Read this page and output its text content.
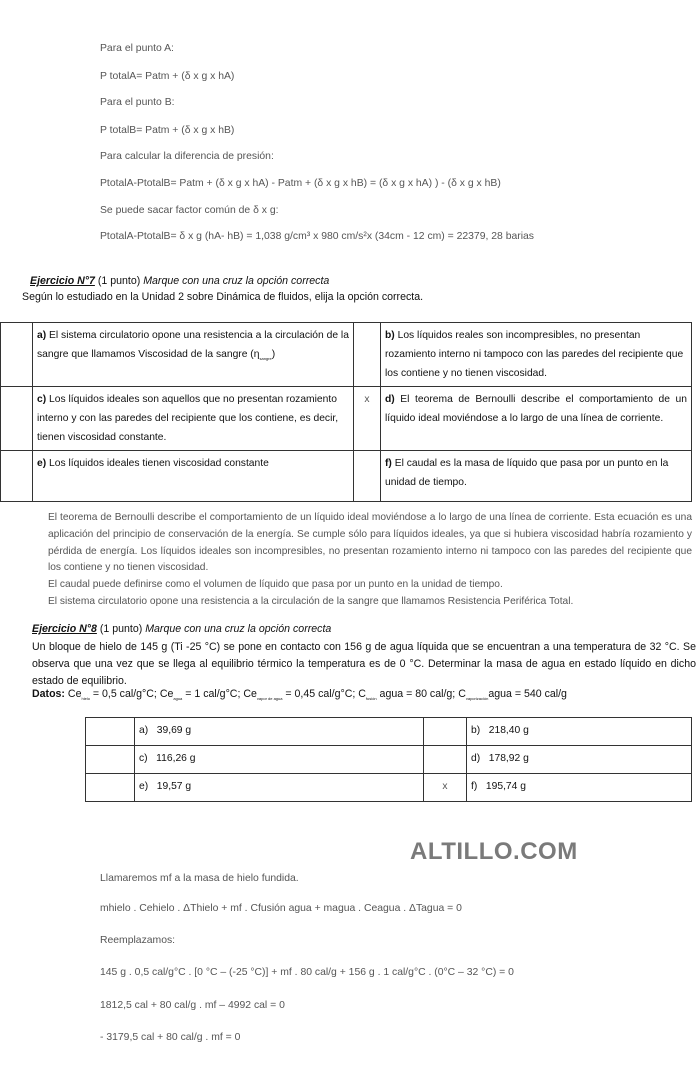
Para el punto A:
P totalA= Patm + (δ x g x hA)
Para el punto B:
P totalB= Patm + (δ x g x hB)
Para calcular la diferencia de presión:
PtotalA-PtotalB= Patm + (δ x g x hA) - Patm + (δ x g x hB) = (δ x g x hA) ) - (δ x g x hB)
Se puede sacar factor común de δ x g:
PtotalA-PtotalB= δ x g (hA- hB) = 1,038 g/cm³ x 980 cm/s²x (34cm - 12 cm) = 22379, 28 barias
Ejercicio N°7 (1 punto) Marque con una cruz la opción correcta
Según lo estudiado en la Unidad 2 sobre Dinámica de fluidos, elija la opción correcta.
	a) El sistema circulatorio opone una resistencia a la circulación de la sangre que llamamos Viscosidad de la sangre $(\eta_{sangre})$		b) Los líquidos reales son incompresibles, no presentan rozamiento interno ni tampoco con las paredes del recipiente que los contiene y no tienen viscosidad.
	c) Los líquidos ideales son aquellos que no presentan rozamiento interno y con las paredes del recipiente que los contiene, es decir, tienen viscosidad constante.	x	d) El teorema de Bernoulli describe el comportamiento de un líquido ideal moviéndose a lo largo de una línea de corriente.
	e) Los líquidos ideales tienen viscosidad constante		f) El caudal es la masa de líquido que pasa por un punto en la unidad de tiempo.
El teorema de Bernoulli describe el comportamiento de un líquido ideal moviéndose a lo largo de una línea de corriente. Esta ecuación es una aplicación del principio de conservación de la energía. Se cumple sólo para líquidos ideales, ya que si hubiera viscosidad habría rozamiento y pérdida de energía. Los líquidos ideales son incompresibles, no presentan rozamiento interno ni tampoco con las paredes del recipiente que los contiene y no tienen viscosidad.
El caudal puede definirse como el volumen de líquido que pasa por un punto en la unidad de tiempo.
El sistema circulatorio opone una resistencia a la circulación de la sangre que llamamos Resistencia Periférica Total.
Ejercicio N°8 (1 punto) Marque con una cruz la opción correcta
Un bloque de hielo de 145 g (Ti -25 °C) se pone en contacto con 156 g de agua líquida que se encuentran a una temperatura de 32 °C. Se observa que una vez que se llega al equilibrio térmico la temperatura es de 0 °C. Determinar la masa de agua en estado líquido en dicho estado de equilibrio.
Datos: $Ce_{hielo} = 0,5$ cal/g°C; $Ce_{agua} = 1$ cal/g°C; $Ce_{vapor de agua} = 0,45$ cal/g°C; $C_{fusión}$ agua = 80 cal/g; $C_{vaporización}agua = 540$ cal/g
	a) 39,69 g		b) 218,40 g
	c) 116,26 g		d) 178,92 g
	e) 19,57 g	x	f) 195,74 g
ALTILLO.COM
Llamaremos mf a la masa de hielo fundida.
mhielo . Cehielo . ΔThielo + mf . Cfusión agua + magua . Ceagua . ΔTagua = 0
Reemplazamos:
145 g . 0,5 cal/g°C . [0 °C – (-25 °C)] + mf . 80 cal/g + 156 g . 1 cal/g°C . (0°C – 32 °C) = 0
1812,5 cal + 80 cal/g . mf – 4992 cal = 0
- 3179,5 cal + 80 cal/g . mf = 0
